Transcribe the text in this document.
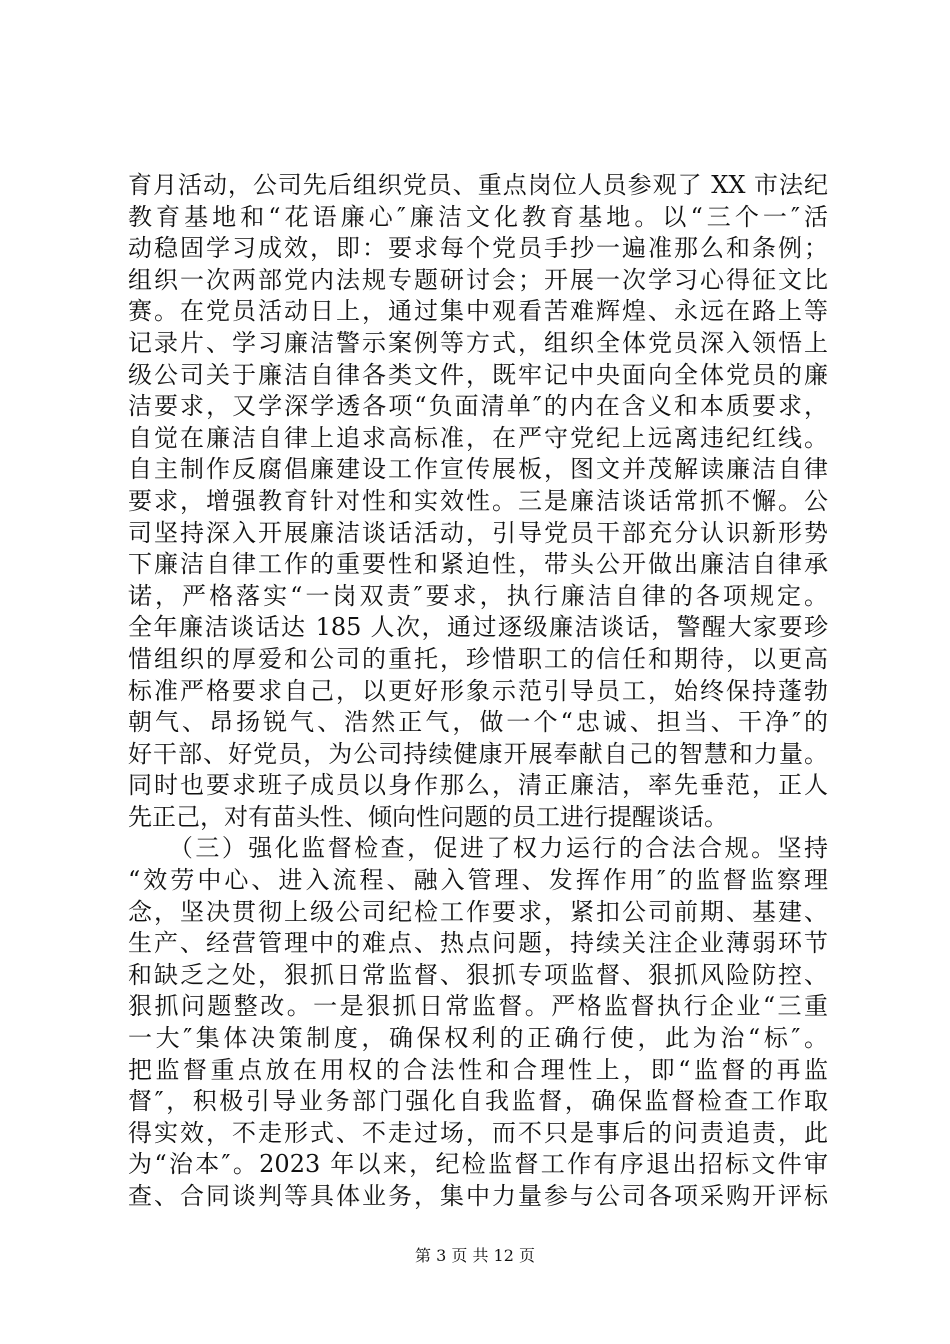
育月活动，公司先后组织党员、重点岗位人员参观了 XX 市法纪
教育基地和“花语廉心″廉洁文化教育基地。以“三个一″活
动稳固学习成效，即：要求每个党员手抄一遍准那么和条例；
组织一次两部党内法规专题研讨会；开展一次学习心得征文比
赛。在党员活动日上，通过集中观看苦难辉煌、永远在路上等
记录片、学习廉洁警示案例等方式，组织全体党员深入领悟上
级公司关于廉洁自律各类文件，既牢记中央面向全体党员的廉
洁要求，又学深学透各项“负面清单″的内在含义和本质要求，
自觉在廉洁自律上追求高标准，在严守党纪上远离违纪红线。
自主制作反腐倡廉建设工作宣传展板，图文并茂解读廉洁自律
要求，增强教育针对性和实效性。三是廉洁谈话常抓不懈。公
司坚持深入开展廉洁谈话活动，引导党员干部充分认识新形势
下廉洁自律工作的重要性和紧迫性，带头公开做出廉洁自律承
诺，严格落实“一岗双责″要求，执行廉洁自律的各项规定。
全年廉洁谈话达 185 人次，通过逐级廉洁谈话，警醒大家要珍
惜组织的厚爱和公司的重托，珍惜职工的信任和期待，以更高
标准严格要求自己，以更好形象示范引导员工，始终保持蓬勃
朝气、昂扬锐气、浩然正气，做一个“忠诚、担当、干净″的
好干部、好党员，为公司持续健康开展奉献自己的智慧和力量。
同时也要求班子成员以身作那么，清正廉洁，率先垂范，正人
先正己，对有苗头性、倾向性问题的员工进行提醒谈话。
　　（三）强化监督检查，促进了权力运行的合法合规。坚持
“效劳中心、进入流程、融入管理、发挥作用″的监督监察理
念，坚决贯彻上级公司纪检工作要求，紧扣公司前期、基建、
生产、经营管理中的难点、热点问题，持续关注企业薄弱环节
和缺乏之处，狠抓日常监督、狠抓专项监督、狠抓风险防控、
狠抓问题整改。一是狠抓日常监督。严格监督执行企业“三重
一大″集体决策制度，确保权利的正确行使，此为治“标″。
把监督重点放在用权的合法性和合理性上，即“监督的再监
督″，积极引导业务部门强化自我监督，确保监督检查工作取
得实效，不走形式、不走过场，而不只是事后的问责追责，此
为“治本″。2023 年以来，纪检监督工作有序退出招标文件审
查、合同谈判等具体业务，集中力量参与公司各项采购开评标
第 3 页 共 12 页
